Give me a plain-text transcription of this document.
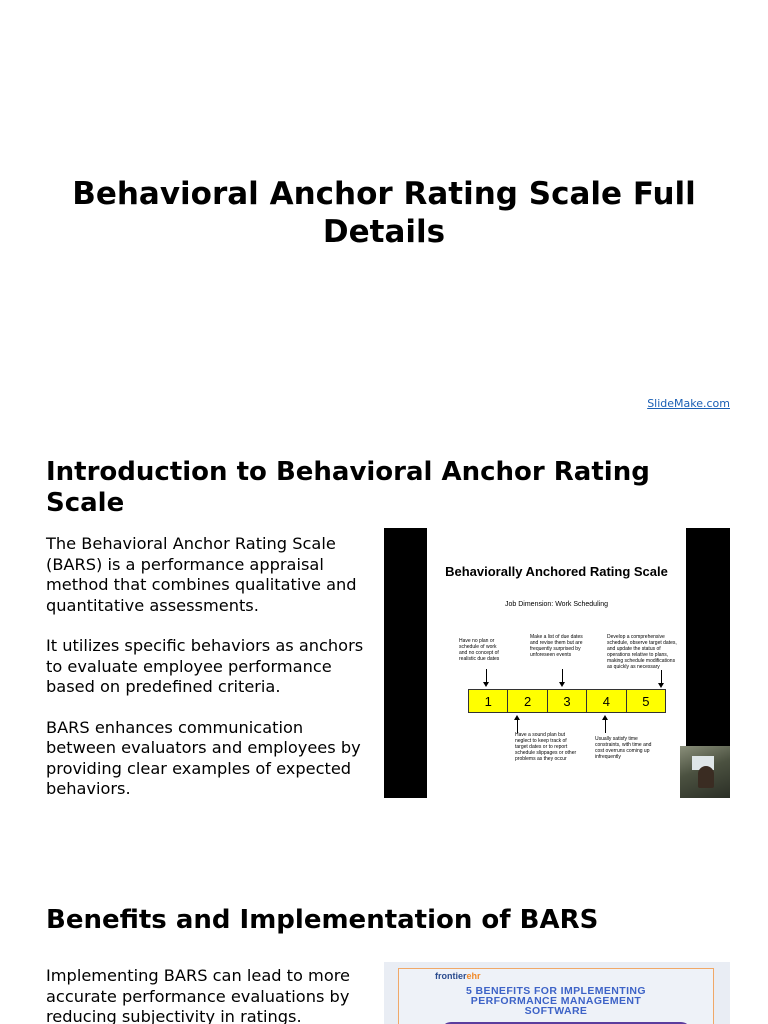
Behavioral Anchor Rating Scale Full
Details
SlideMake.com
Introduction to Behavioral Anchor Rating
Scale

The Behavioral Anchor Rating Scale (BARS) is a performance appraisal method that combines qualitative and quantitative assessments.

It utilizes specific behaviors as anchors to evaluate employee performance based on predefined criteria.

BARS enhances communication between evaluators and employees by providing clear examples of expected behaviors.

Behaviorally Anchored Rating Scale
Job Dimension: Work Scheduling
Have no plan or schedule of work and no concept of realistic due dates
Make a list of due dates and revise them but are frequently surprised by unforeseen events
Develop a comprehensive schedule, observe target dates, and update the status of operations relative to plans, making schedule modifications as quickly as necessary
1	2	3	4	5
Have a sound plan but neglect to keep track of target dates or to report schedule slippages or other problems as they occur
Usually satisfy time constraints, with time and cost overruns coming up infrequently
Benefits and Implementation of BARS

Implementing BARS can lead to more accurate performance evaluations by reducing subjectivity in ratings.

frontierehr
5 BENEFITS FOR IMPLEMENTING
PERFORMANCE MANAGEMENT
SOFTWARE
